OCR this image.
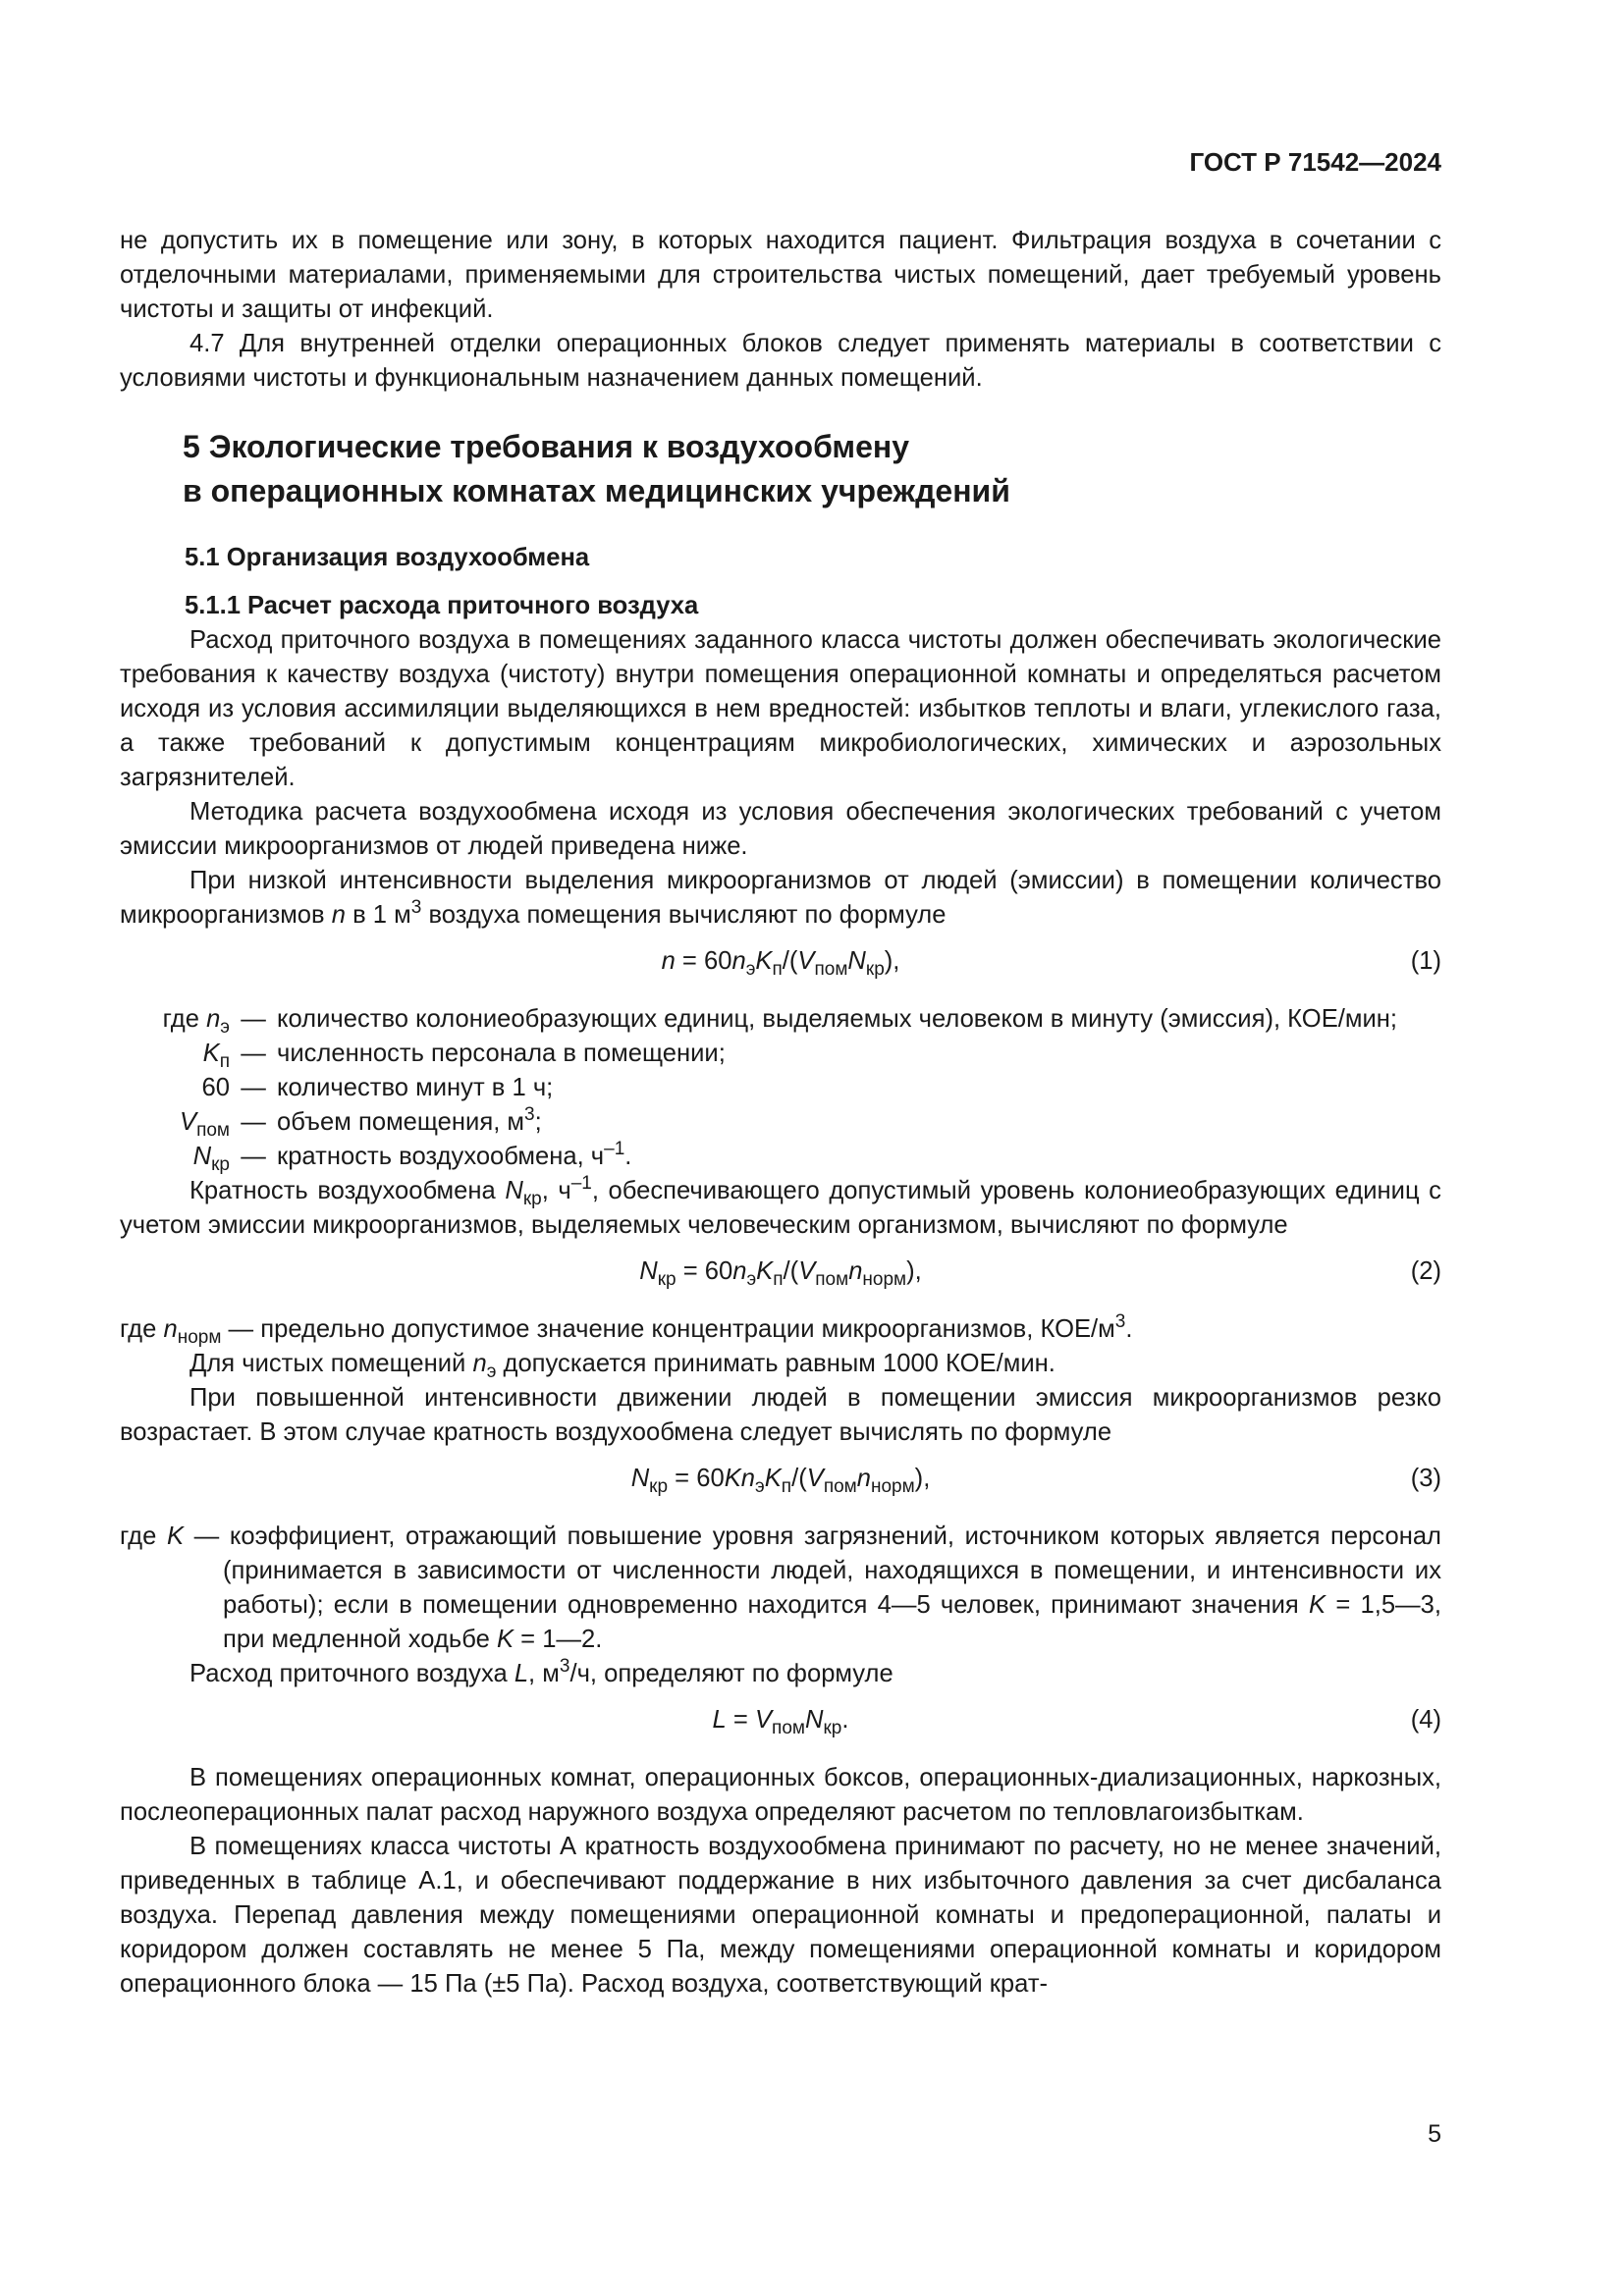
ГОСТ Р 71542—2024

не допустить их в помещение или зону, в которых находится пациент. Фильтрация воздуха в сочетании с отделочными материалами, применяемыми для строительства чистых помещений, дает требуемый уровень чистоты и защиты от инфекций.

4.7 Для внутренней отделки операционных блоков следует применять материалы в соответствии с условиями чистоты и функциональным назначением данных помещений.

5 Экологические требования к воздухообмену
в операционных комнатах медицинских учреждений
5.1 Организация воздухообмена
5.1.1 Расчет расхода приточного воздуха

Расход приточного воздуха в помещениях заданного класса чистоты должен обеспечивать экологические требования к качеству воздуха (чистоту) внутри помещения операционной комнаты и определяться расчетом исходя из условия ассимиляции выделяющихся в нем вредностей: избытков теплоты и влаги, углекислого газа, а также требований к допустимым концентрациям микробиологических, химических и аэрозольных загрязнителей.

Методика расчета воздухообмена исходя из условия обеспечения экологических требований с учетом эмиссии микроорганизмов от людей приведена ниже.

При низкой интенсивности выделения микроорганизмов от людей (эмиссии) в помещении количество микроорганизмов n в 1 $м^3$ воздуха помещения вычисляют по формуле

$n = 60n_эK_п/(V_{пом}N_{кр})$,	(1)
где $n_э$ — количество колониеобразующих единиц, выделяемых человеком в минуту (эмиссия), КОЕ/мин;
$K_п$ — численность персонала в помещении;
60 — количество минут в 1 ч;
$V_{пом}$ — объем помещения, $м^3$;
$N_{кр}$ — кратность воздухообмена, $ч^{-1}$.

Кратность воздухообмена $N_{кр}$, $ч^{-1}$, обеспечивающего допустимый уровень колониеобразующих единиц с учетом эмиссии микроорганизмов, выделяемых человеческим организмом, вычисляют по формуле

$N_{кр} = 60n_эK_п/(V_{пом}n_{норм})$,	(2)

где $n_{норм}$ — предельно допустимое значение концентрации микроорганизмов, КОЕ/$м^3$.

Для чистых помещений $n_э$ допускается принимать равным 1000 КОЕ/мин.

При повышенной интенсивности движении людей в помещении эмиссия микроорганизмов резко возрастает. В этом случае кратность воздухообмена следует вычислять по формуле

$N_{кр} = 60Kn_эK_п/(V_{пом}n_{норм})$,	(3)

где K — коэффициент, отражающий повышение уровня загрязнений, источником которых является персонал (принимается в зависимости от численности людей, находящихся в помещении, и интенсивности их работы); если в помещении одновременно находится 4—5 человек, принимают значения K = 1,5—3, при медленной ходьбе K = 1—2.

Расход приточного воздуха L, $м^3/ч$, определяют по формуле

$L = V_{пом}N_{кр}$.	(4)

В помещениях операционных комнат, операционных боксов, операционных-диализационных, наркозных, послеоперационных палат расход наружного воздуха определяют расчетом по тепловлагоизбыткам.

В помещениях класса чистоты А кратность воздухообмена принимают по расчету, но не менее значений, приведенных в таблице А.1, и обеспечивают поддержание в них избыточного давления за счет дисбаланса воздуха. Перепад давления между помещениями операционной комнаты и предоперационной, палаты и коридором должен составлять не менее 5 Па, между помещениями операционной комнаты и коридором операционного блока — 15 Па (±5 Па). Расход воздуха, соответствующий крат-

5
